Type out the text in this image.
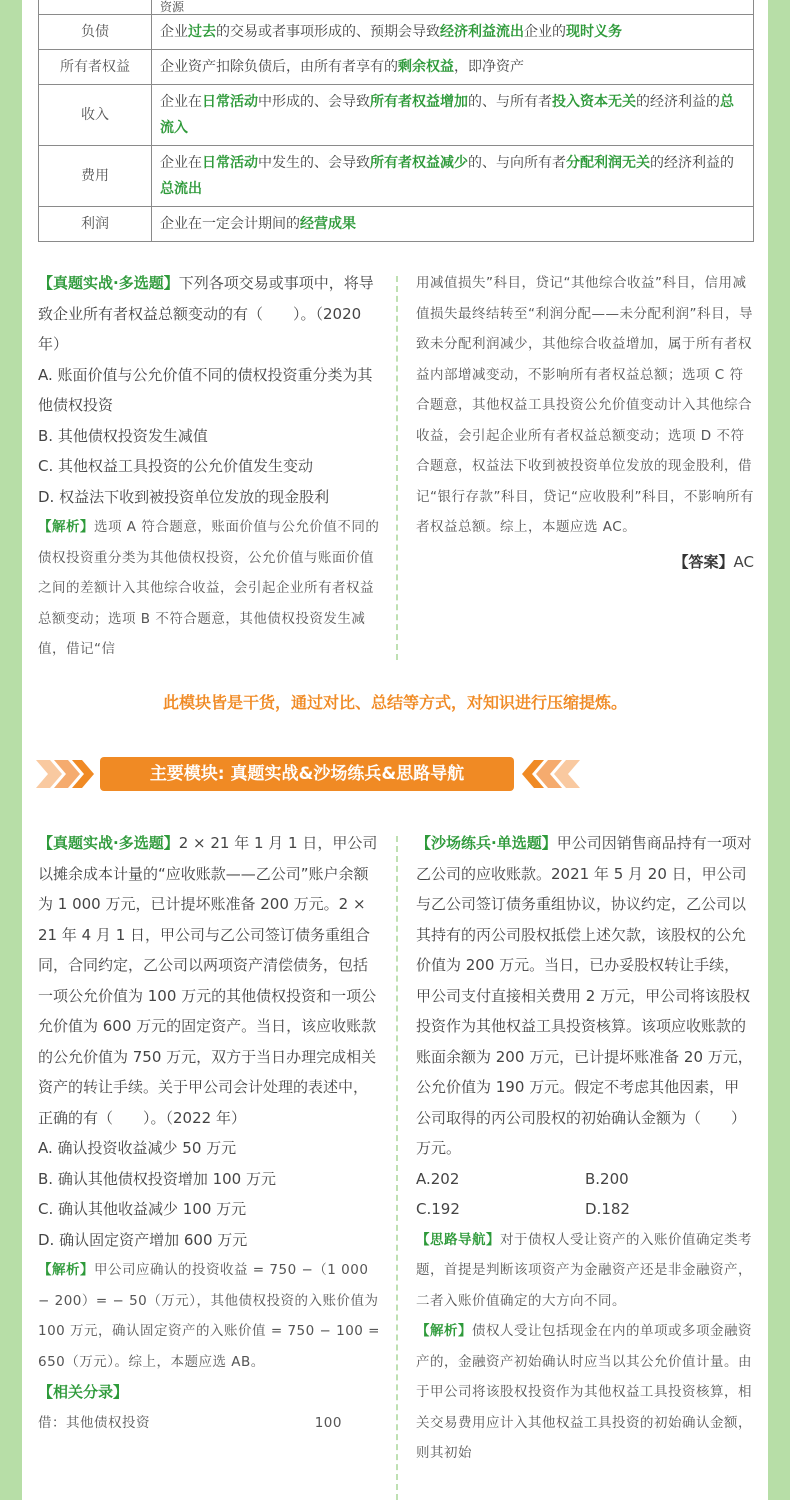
	资源
负债	企业过去的交易或者事项形成的、预期会导致经济利益流出企业的现时义务
所有者权益	企业资产扣除负债后，由所有者享有的剩余权益，即净资产
收入	企业在日常活动中形成的、会导致所有者权益增加的、与所有者投入资本无关的经济利益的总流入
费用	企业在日常活动中发生的、会导致所有者权益减少的、与向所有者分配利润无关的经济利益的总流出
利润	企业在一定会计期间的经营成果

【真题实战·多选题】下列各项交易或事项中，将导致企业所有者权益总额变动的有（　　）。（2020 年）

A. 账面价值与公允价值不同的债权投资重分类为其他债权投资

B. 其他债权投资发生减值

C. 其他权益工具投资的公允价值发生变动

D. 权益法下收到被投资单位发放的现金股利

【解析】选项 A 符合题意，账面价值与公允价值不同的债权投资重分类为其他债权投资，公允价值与账面价值之间的差额计入其他综合收益，会引起企业所有者权益总额变动；选项 B 不符合题意，其他债权投资发生减值，借记“信

用减值损失”科目，贷记“其他综合收益”科目，信用减值损失最终结转至“利润分配——未分配利润”科目，导致未分配利润减少，其他综合收益增加，属于所有者权益内部增减变动，不影响所有者权益总额；选项 C 符合题意，其他权益工具投资公允价值变动计入其他综合收益，会引起企业所有者权益总额变动；选项 D 不符合题意，权益法下收到被投资单位发放的现金股利，借记“银行存款”科目，贷记“应收股利”科目，不影响所有者权益总额。综上，本题应选 AC。

【答案】AC

此模块皆是干货，通过对比、总结等方式，对知识进行压缩提炼。
主要模块: 真题实战&沙场练兵&思路导航

【真题实战·多选题】2 × 21 年 1 月 1 日，甲公司以摊余成本计量的“应收账款——乙公司”账户余额为 1 000 万元，已计提坏账准备 200 万元。2 × 21 年 4 月 1 日，甲公司与乙公司签订债务重组合同，合同约定，乙公司以两项资产清偿债务，包括一项公允价值为 100 万元的其他债权投资和一项公允价值为 600 万元的固定资产。当日，该应收账款的公允价值为 750 万元，双方于当日办理完成相关资产的转让手续。关于甲公司会计处理的表述中，正确的有（　　）。（2022 年）

A. 确认投资收益减少 50 万元

B. 确认其他债权投资增加 100 万元

C. 确认其他收益减少 100 万元

D. 确认固定资产增加 600 万元

【解析】甲公司应确认的投资收益 = 750 −（1 000 − 200）= − 50（万元），其他债权投资的入账价值为 100 万元，确认固定资产的入账价值 = 750 − 100 = 650（万元）。综上，本题应选 AB。

【相关分录】

借：其他债权投资	100

【沙场练兵·单选题】甲公司因销售商品持有一项对乙公司的应收账款。2021 年 5 月 20 日，甲公司与乙公司签订债务重组协议，协议约定，乙公司以其持有的丙公司股权抵偿上述欠款，该股权的公允价值为 200 万元。当日，已办妥股权转让手续，甲公司支付直接相关费用 2 万元，甲公司将该股权投资作为其他权益工具投资核算。该项应收账款的账面余额为 200 万元，已计提坏账准备 20 万元，公允价值为 190 万元。假定不考虑其他因素，甲公司取得的丙公司股权的初始确认金额为（　　）万元。

A.202	B.200

C.192	D.182

【思路导航】对于债权人受让资产的入账价值确定类考题，首提是判断该项资产为金融资产还是非金融资产，二者入账价值确定的大方向不同。

【解析】债权人受让包括现金在内的单项或多项金融资产的，金融资产初始确认时应当以其公允价值计量。由于甲公司将该股权投资作为其他权益工具投资核算，相关交易费用应计入其他权益工具投资的初始确认金额，则其初始
